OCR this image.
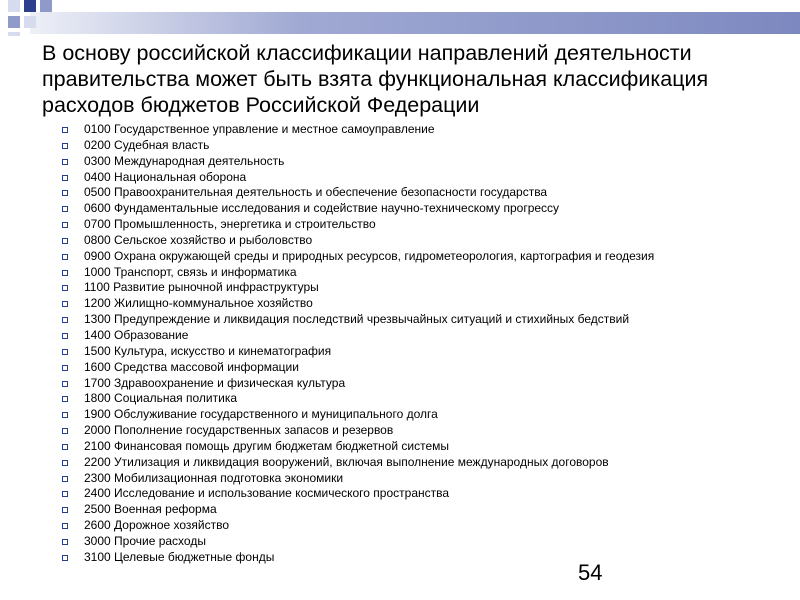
В основу российской классификации направлений деятельности правительства может быть взята функциональная классификация расходов бюджетов Российской Федерации
0100 Государственное управление и местное самоуправление
0200 Судебная власть
0300 Международная деятельность
0400 Национальная оборона
0500 Правоохранительная деятельность и обеспечение безопасности государства
0600 Фундаментальные исследования и содействие научно-техническому прогрессу
0700 Промышленность, энергетика и строительство
0800 Сельское хозяйство и рыболовство
0900 Охрана окружающей среды и природных ресурсов, гидрометеорология, картография и геодезия
1000 Транспорт, связь и информатика
1100 Развитие рыночной инфраструктуры
1200 Жилищно-коммунальное хозяйство
1300 Предупреждение и ликвидация последствий чрезвычайных ситуаций и стихийных бедствий
1400 Образование
1500 Культура, искусство и кинематография
1600 Средства массовой информации
1700 Здравоохранение и физическая культура
1800 Социальная политика
1900 Обслуживание государственного и муниципального долга
2000 Пополнение государственных запасов и резервов
2100 Финансовая помощь другим бюджетам бюджетной системы
2200 Утилизация и ликвидация вооружений, включая выполнение международных договоров
2300 Мобилизационная подготовка экономики
2400 Исследование и использование космического пространства
2500 Военная реформа
2600 Дорожное хозяйство
3000 Прочие расходы
3100 Целевые бюджетные фонды
54
